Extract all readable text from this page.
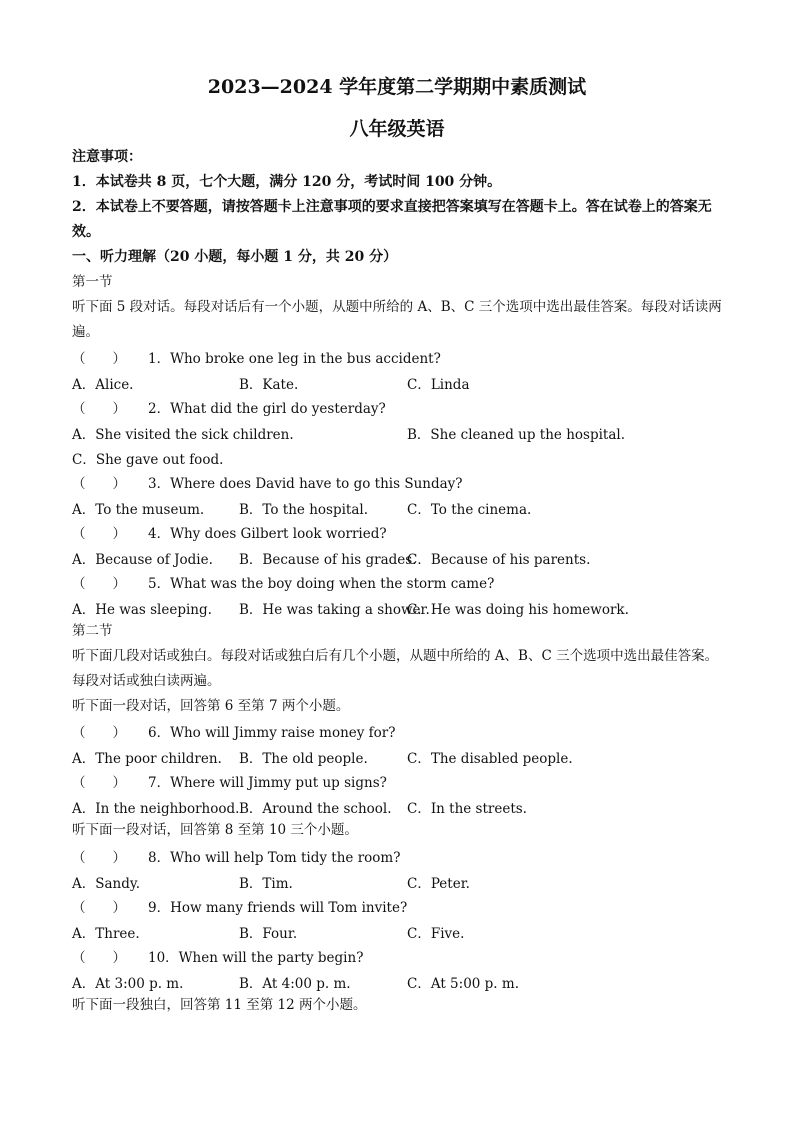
2023—2024 学年度第二学期期中素质测试
八年级英语
注意事项：
1．本试卷共 8 页，七个大题，满分 120 分，考试时间 100 分钟。
2．本试卷上不要答题，请按答题卡上注意事项的要求直接把答案填写在答题卡上。答在试卷上的答案无效。
一、听力理解（20 小题，每小题 1 分，共 20 分）
第一节
听下面 5 段对话。每段对话后有一个小题，从题中所给的 A、B、C 三个选项中选出最佳答案。每段对话读两遍。
（　　） 1．Who broke one leg in the bus accident?
A．Alice.	B．Kate.	C．Linda
（　　） 2．What did the girl do yesterday?
A．She visited the sick children.	B．She cleaned up the hospital.
C．She gave out food.
（　　） 3．Where does David have to go this Sunday?
A．To the museum.	B．To the hospital.	C．To the cinema.
（　　） 4．Why does Gilbert look worried?
A．Because of Jodie. B．Because of his grades.
C．Because of his parents.
（　　） 5．What was the boy doing when the storm came?
A．He was sleeping. B．He was taking a shower.
C．He was doing his homework.
第二节
听下面几段对话或独白。每段对话或独白后有几个小题，从题中所给的 A、B、C 三个选项中选出最佳答案。每段对话或独白读两遍。
听下面一段对话，回答第 6 至第 7 两个小题。
（　　） 6．Who will Jimmy raise money for?
A．The poor children. B．The old people.	C．The disabled people.
（　　） 7．Where will Jimmy put up signs?
A．In the neighborhood. B．Around the school. C．In the streets.
听下面一段对话，回答第 8 至第 10 三个小题。
（　　） 8．Who will help Tom tidy the room?
A．Sandy.	B．Tim.	C．Peter.
（　　） 9．How many friends will Tom invite?
A．Three.	B．Four.	C．Five.
（　　） 10．When will the party begin?
A．At 3:00 p. m.	B．At 4:00 p. m.	C．At 5:00 p. m.
听下面一段独白，回答第 11 至第 12 两个小题。
